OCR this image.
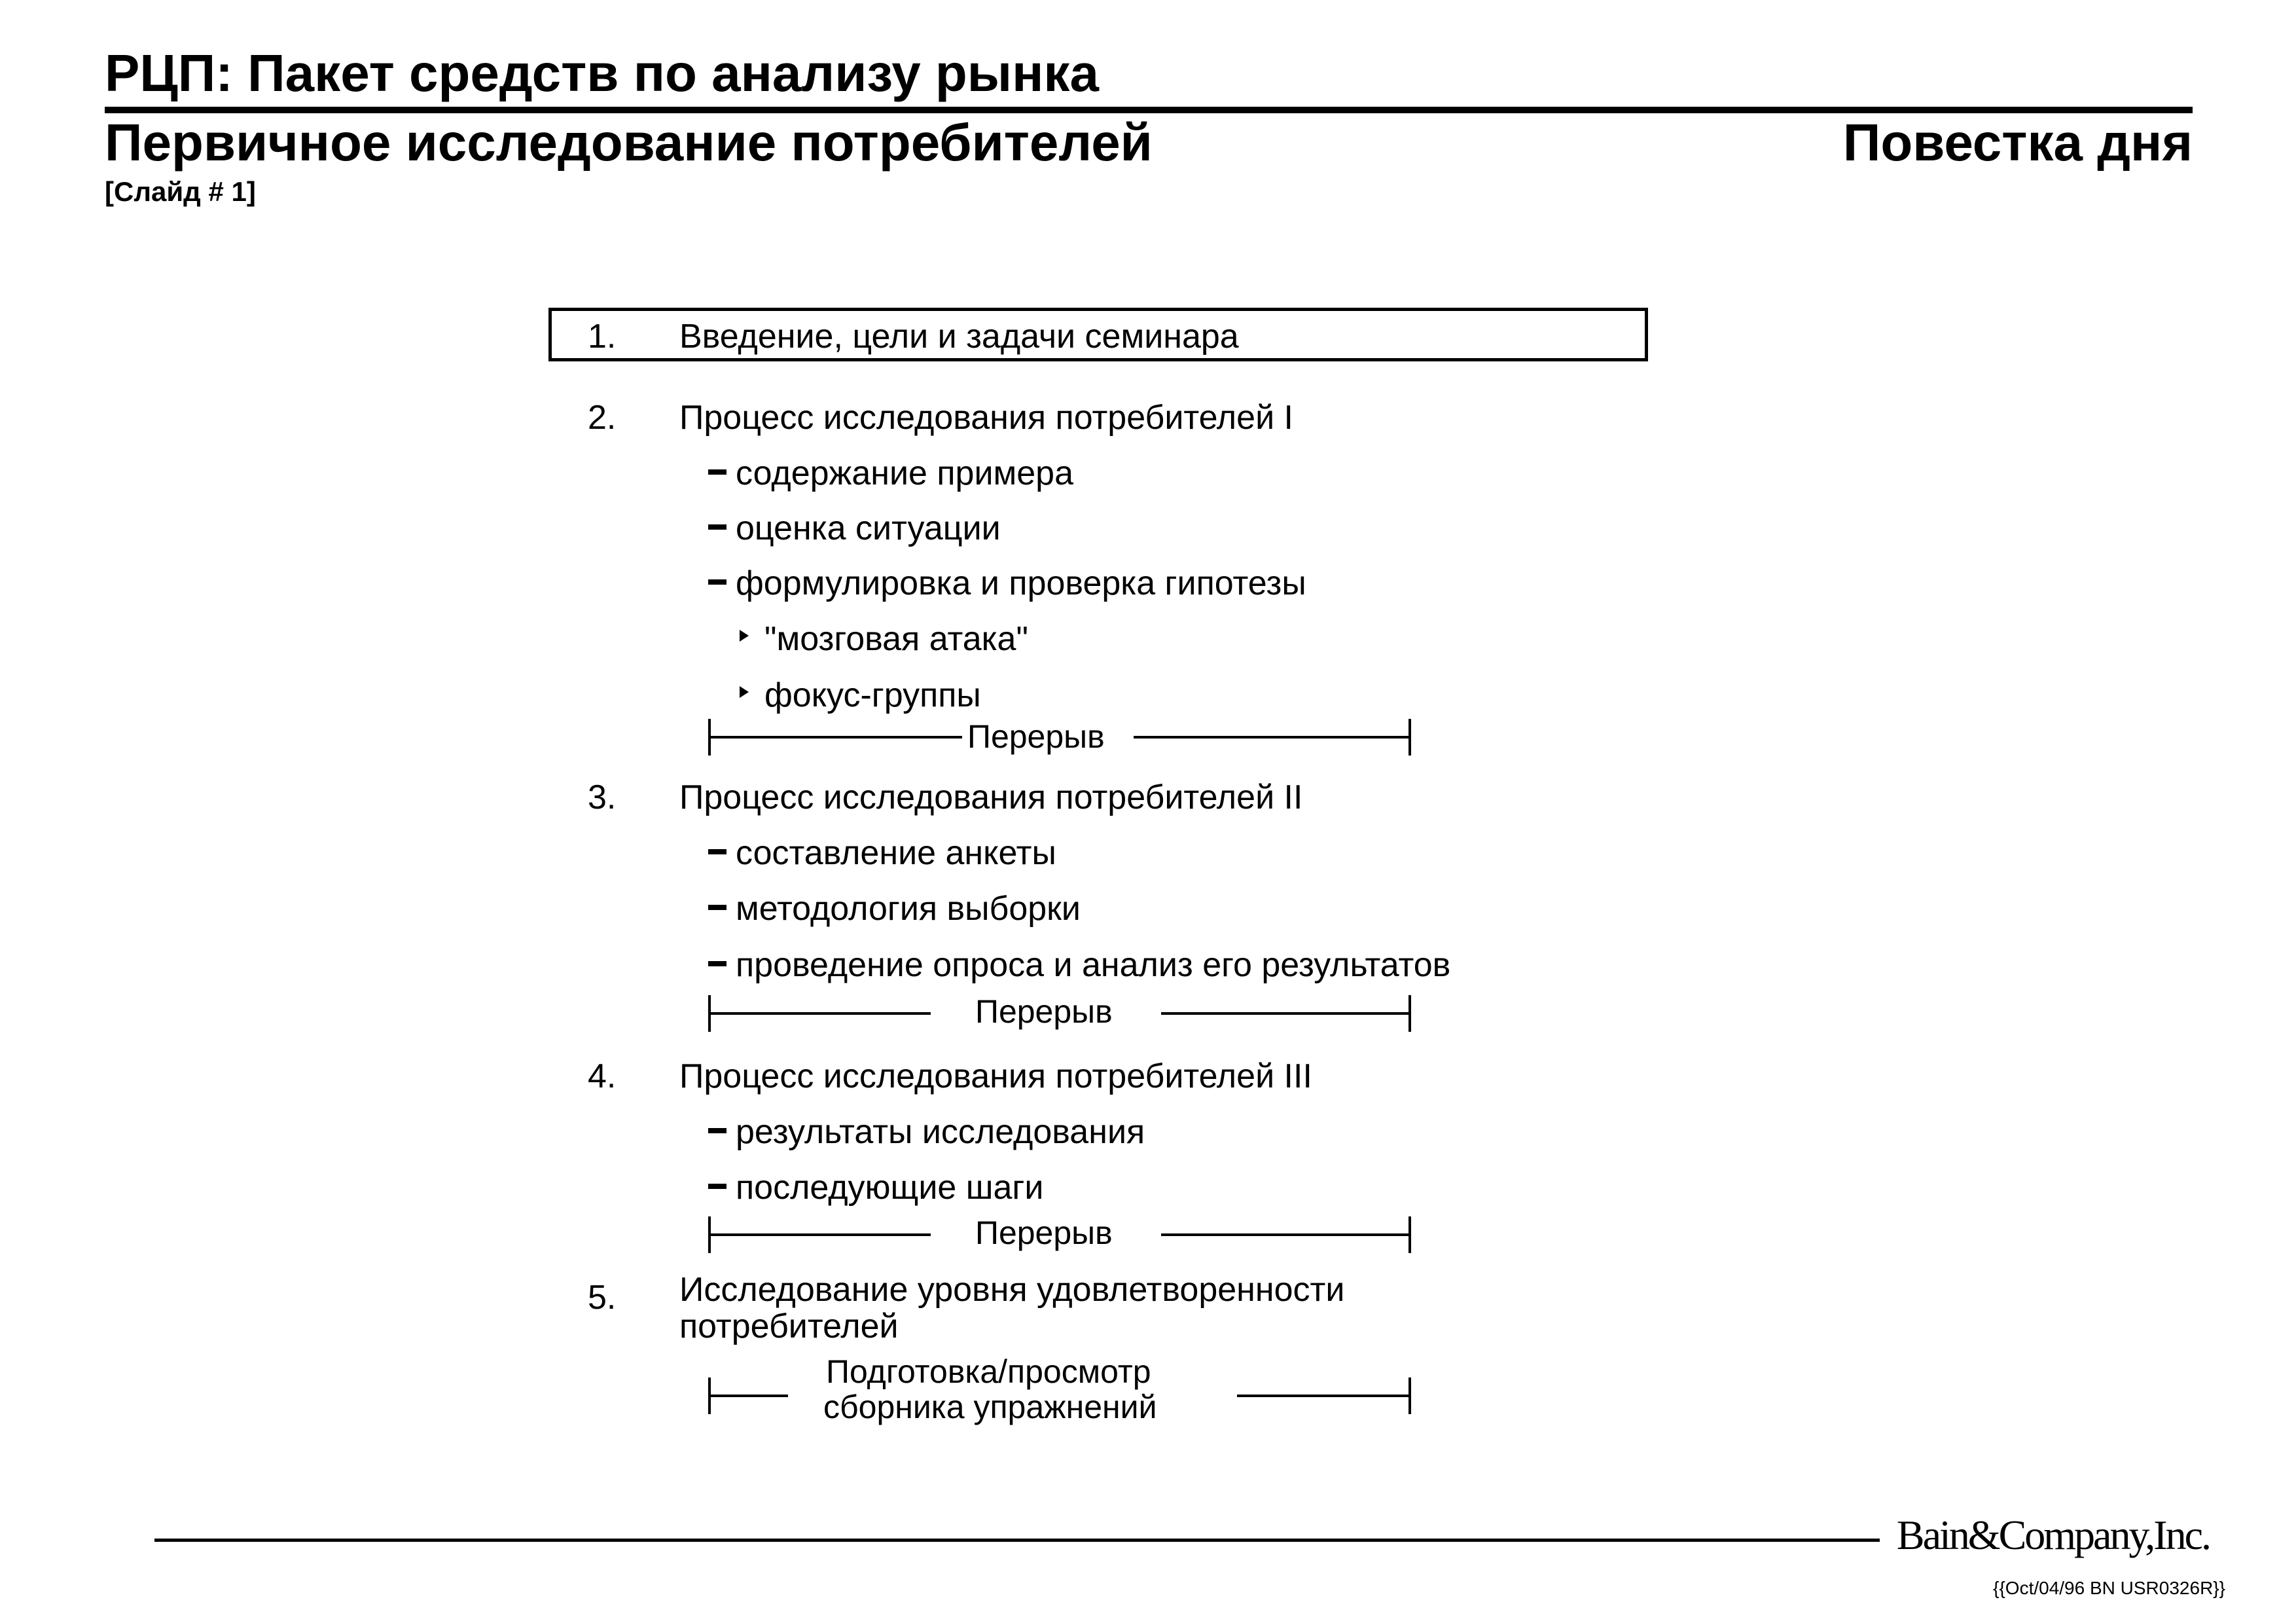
РЦП: Пакет средств по анализу рынка
Первичное исследование потребителей	Повестка дня
[Слайд # 1]
1. Введение, цели и задачи семинара
2. Процесс исследования потребителей I
содержание примера
оценка ситуации
формулировка и проверка гипотезы
"мозговая атака"
фокус-группы
Перерыв
3. Процесс исследования потребителей II
составление анкеты
методология выборки
проведение опроса и анализ его результатов
Перерыв
4. Процесс исследования потребителей III
результаты исследования
последующие шаги
Перерыв
5. Исследование уровня удовлетворенности
потребителей
Подготовка/просмотр
сборника упражнений
Bain&Company,Inc.
{{Oct/04/96 BN USR0326R}}
